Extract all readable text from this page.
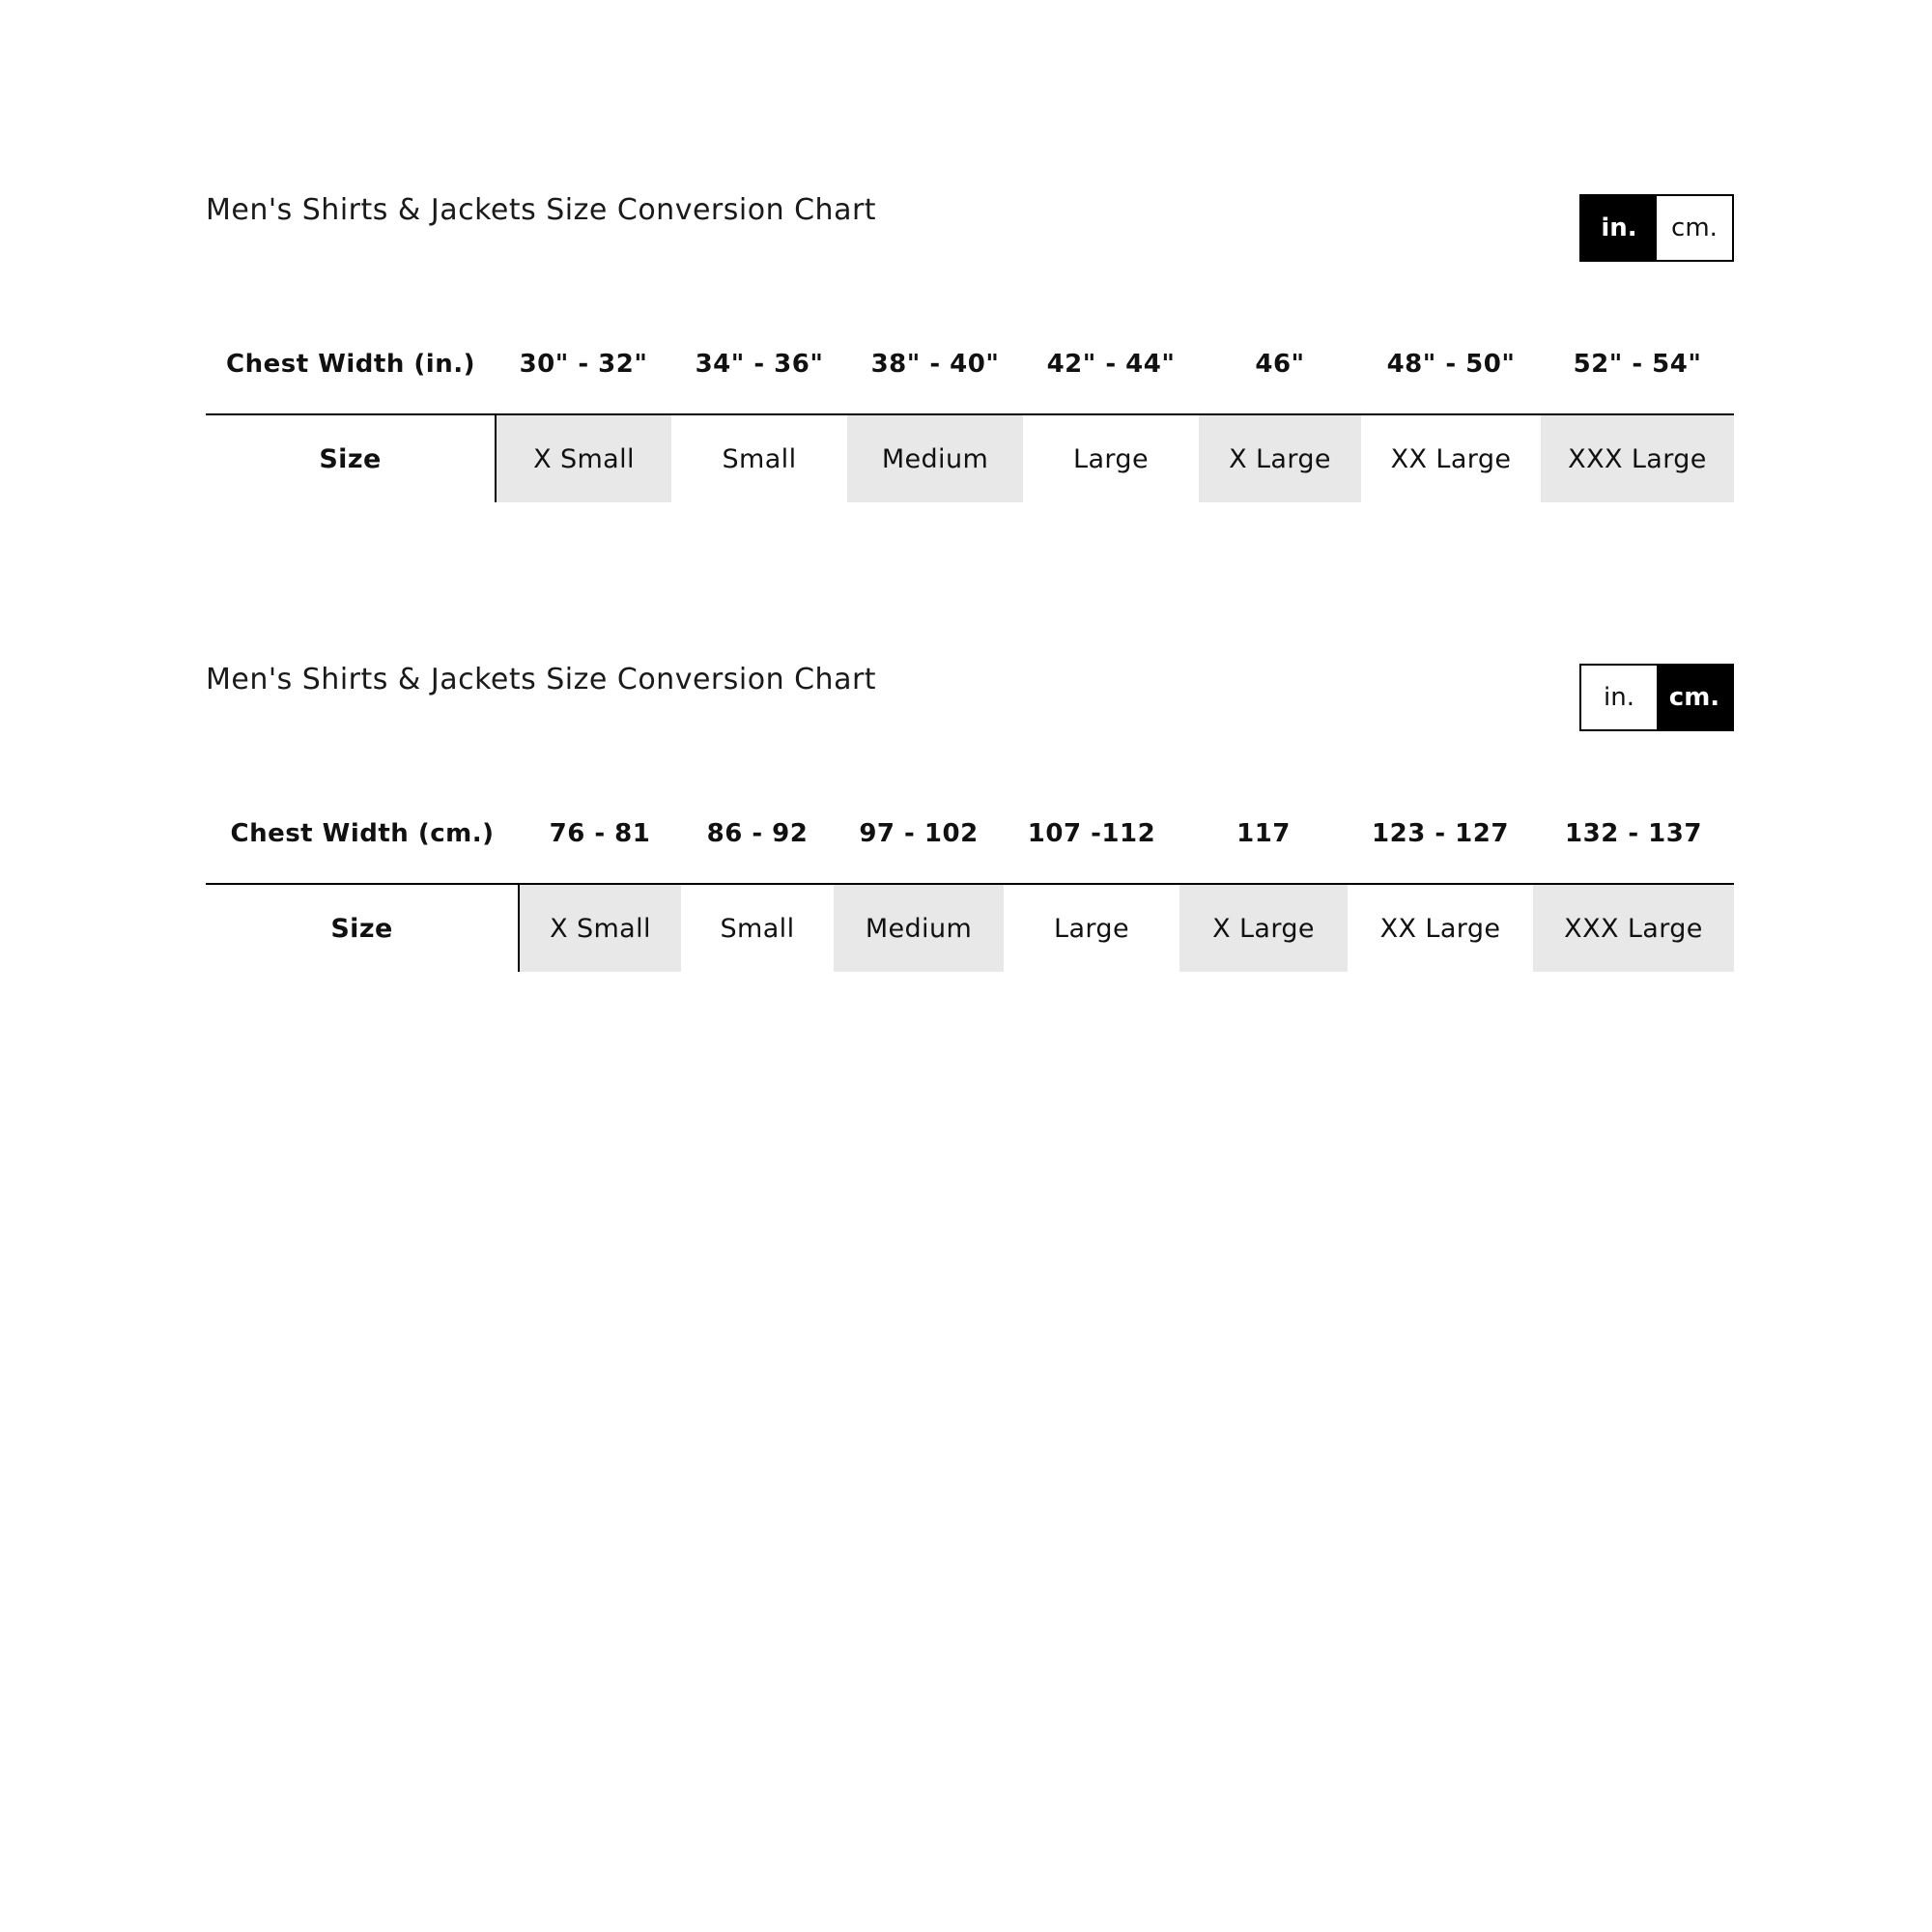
Men's Shirts & Jackets Size Conversion Chart
in.	cm.
Chest Width (in.)	30" - 32"	34" - 36"	38" - 40"	42" - 44"	46"	48" - 50"	52" - 54"
Size	X Small	Small	Medium	Large	X Large	XX Large	XXX Large
Men's Shirts & Jackets Size Conversion Chart
in.	cm.
Chest Width (cm.)	76 - 81	86 - 92	97 - 102	107 -112	117	123 - 127	132 - 137
Size	X Small	Small	Medium	Large	X Large	XX Large	XXX Large
